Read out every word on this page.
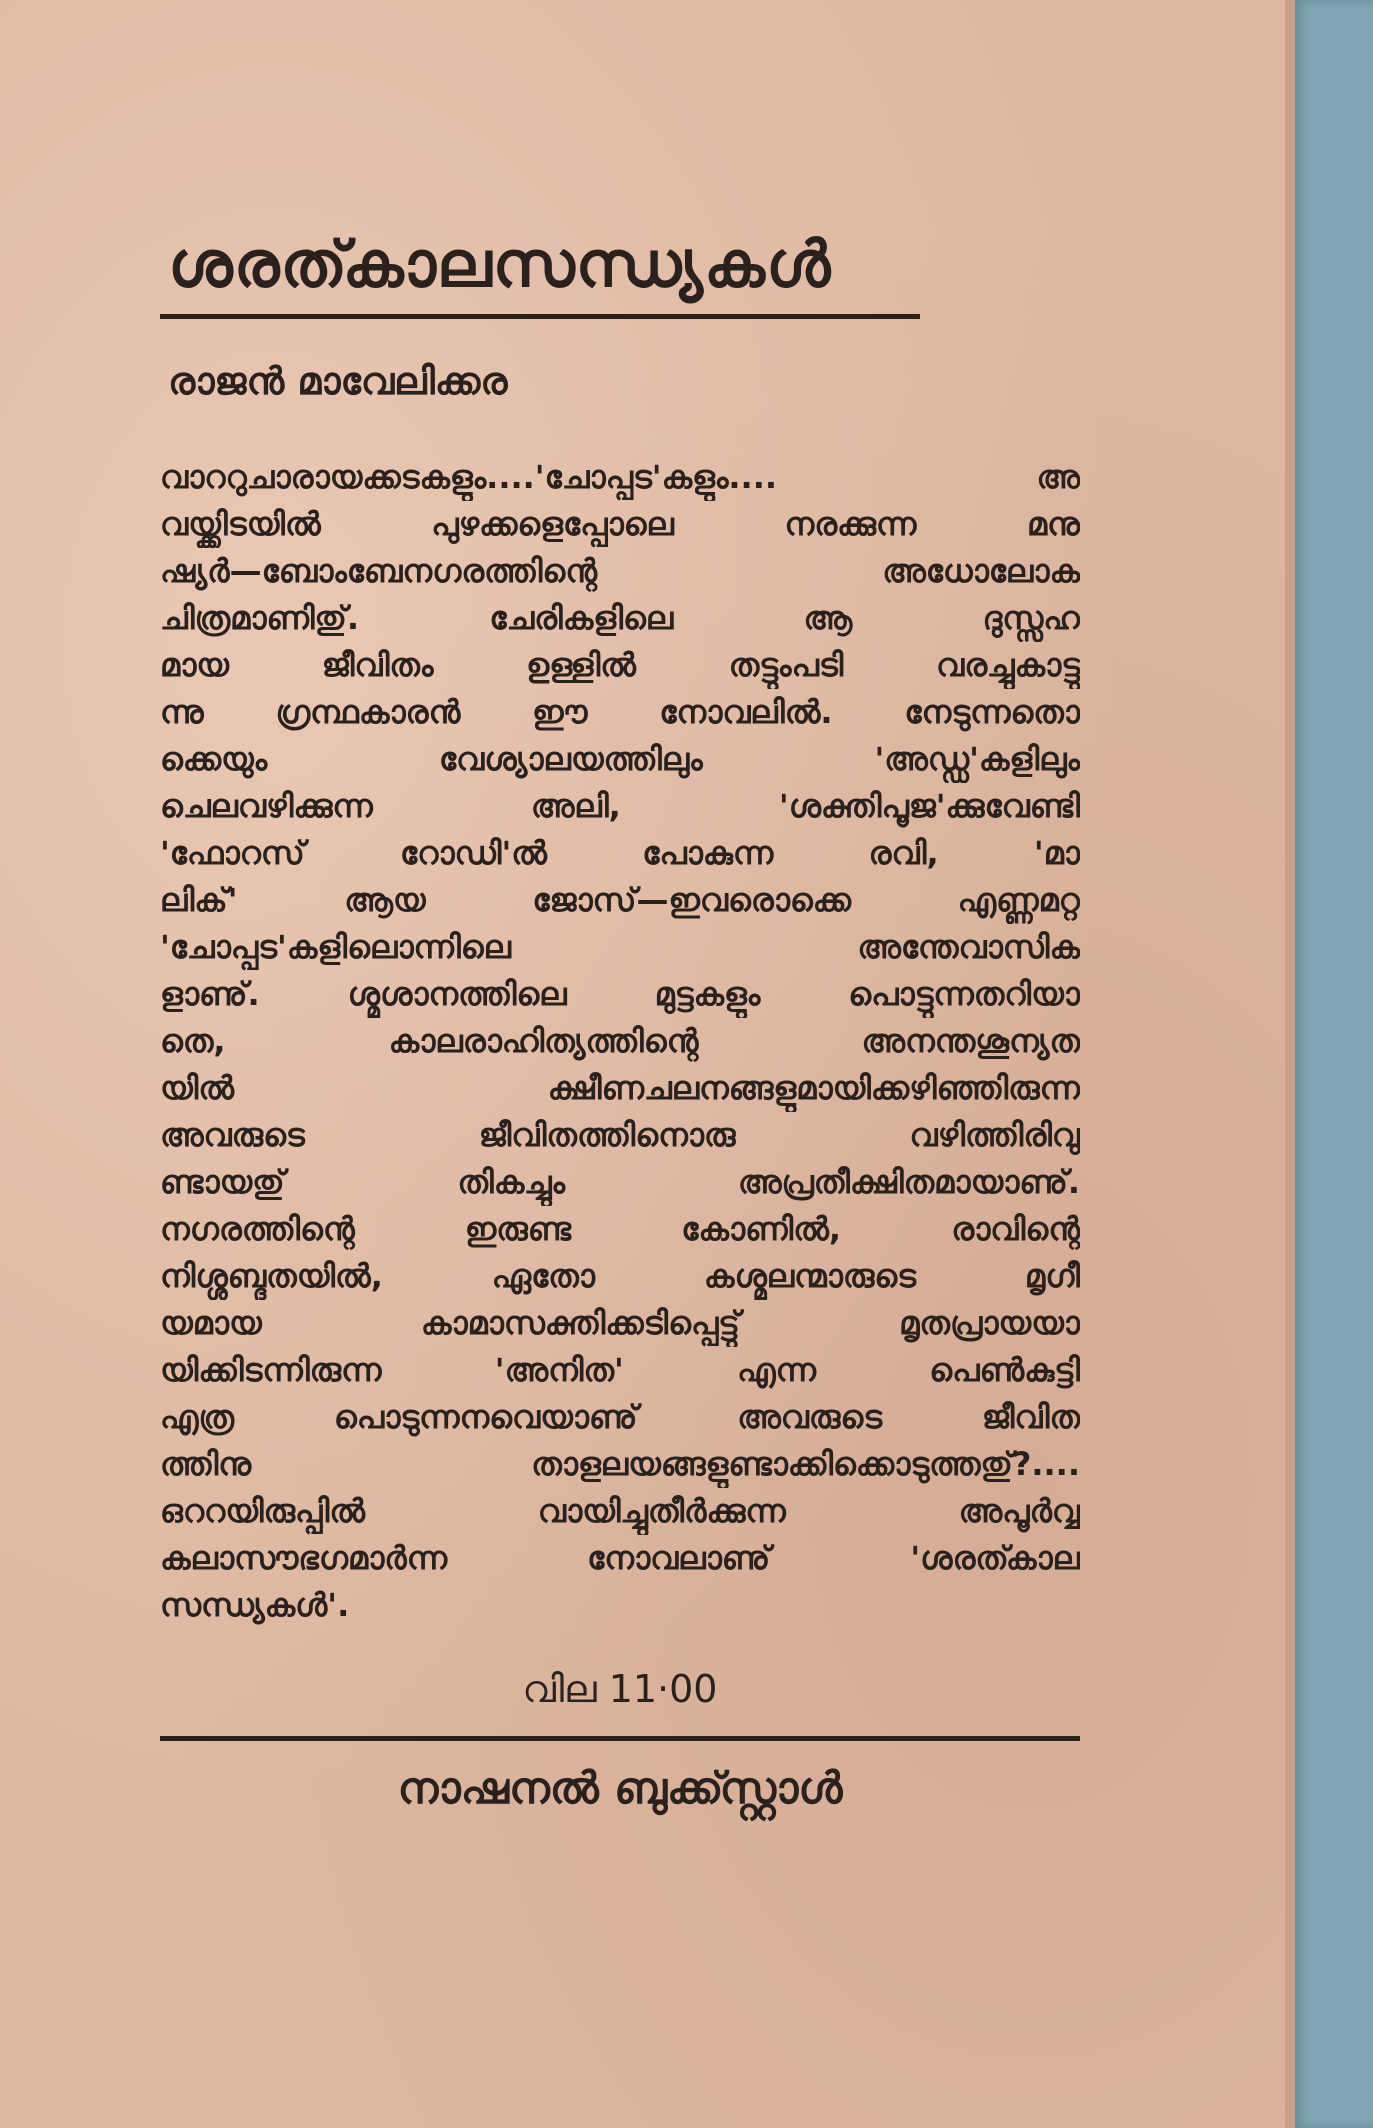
ശരത്കാലസന്ധ്യകൾ
രാജൻ മാവേലിക്കര
വാററുചാരായക്കടകളും....'ചോപ്പട'കളും.... അ
വയ്ക്കിടയിൽ പുഴക്കളെപ്പോലെ നരക്കുന്ന മനു
ഷ്യർ—ബോംബേനഗരത്തിന്റെ അധോലോക
ചിത്രമാണിതു്. ചേരികളിലെ ആ ദുസ്സഹ
മായ ജീവിതം ഉള്ളിൽ തട്ടുംപടി വരച്ചുകാട്ടു
ന്നു ഗ്രന്ഥകാരൻ ഈ നോവലിൽ. നേടുന്നതൊ
ക്കെയും വേശ്യാലയത്തിലും 'അഡ്ഡ'കളിലും
ചെലവഴിക്കുന്ന അലി, 'ശക്തിപൂജ'ക്കുവേണ്ടി
'ഫോറസ് റോഡി'ൽ പോകുന്ന രവി, 'മാ
ലിക്' ആയ ജോസ്—ഇവരൊക്കെ എണ്ണമറ്റ
'ചോപ്പട'കളിലൊന്നിലെ അന്തേവാസിക
ളാണു്. ശ്മശാനത്തിലെ മുട്ടകളും പൊട്ടുന്നതറിയാ
തെ, കാലരാഹിത്യത്തിന്റെ അനന്തശൂന്യത
യിൽ ക്ഷീണചലനങ്ങളുമായിക്കഴിഞ്ഞിരുന്ന
അവരുടെ ജീവിതത്തിനൊരു വഴിത്തിരിവു
ണ്ടായതു് തികച്ചും അപ്രതീക്ഷിതമായാണു്.
നഗരത്തിന്റെ ഇരുണ്ട കോണിൽ, രാവിന്റെ
നിശ്ശബ്ദതയിൽ, ഏതോ കശ്മലന്മാരുടെ മൃഗീ
യമായ കാമാസക്തിക്കടിപ്പെട്ടു് മൃതപ്രായയാ
യിക്കിടന്നിരുന്ന 'അനിത' എന്ന പെൺകുട്ടി
എത്ര പൊടുന്നനവെയാണു് അവരുടെ ജീവിത
ത്തിനു താളലയങ്ങളുണ്ടാക്കിക്കൊടുത്തതു്?....
ഒററയിരുപ്പിൽ വായിച്ചുതീർക്കുന്ന അപൂർവ്വ
കലാസൗഭഗമാർന്ന നോവലാണു് 'ശരത്കാല
സന്ധ്യകൾ'.
വില 11·00
നാഷനൽ ബുക്ക്സ്റ്റാൾ
